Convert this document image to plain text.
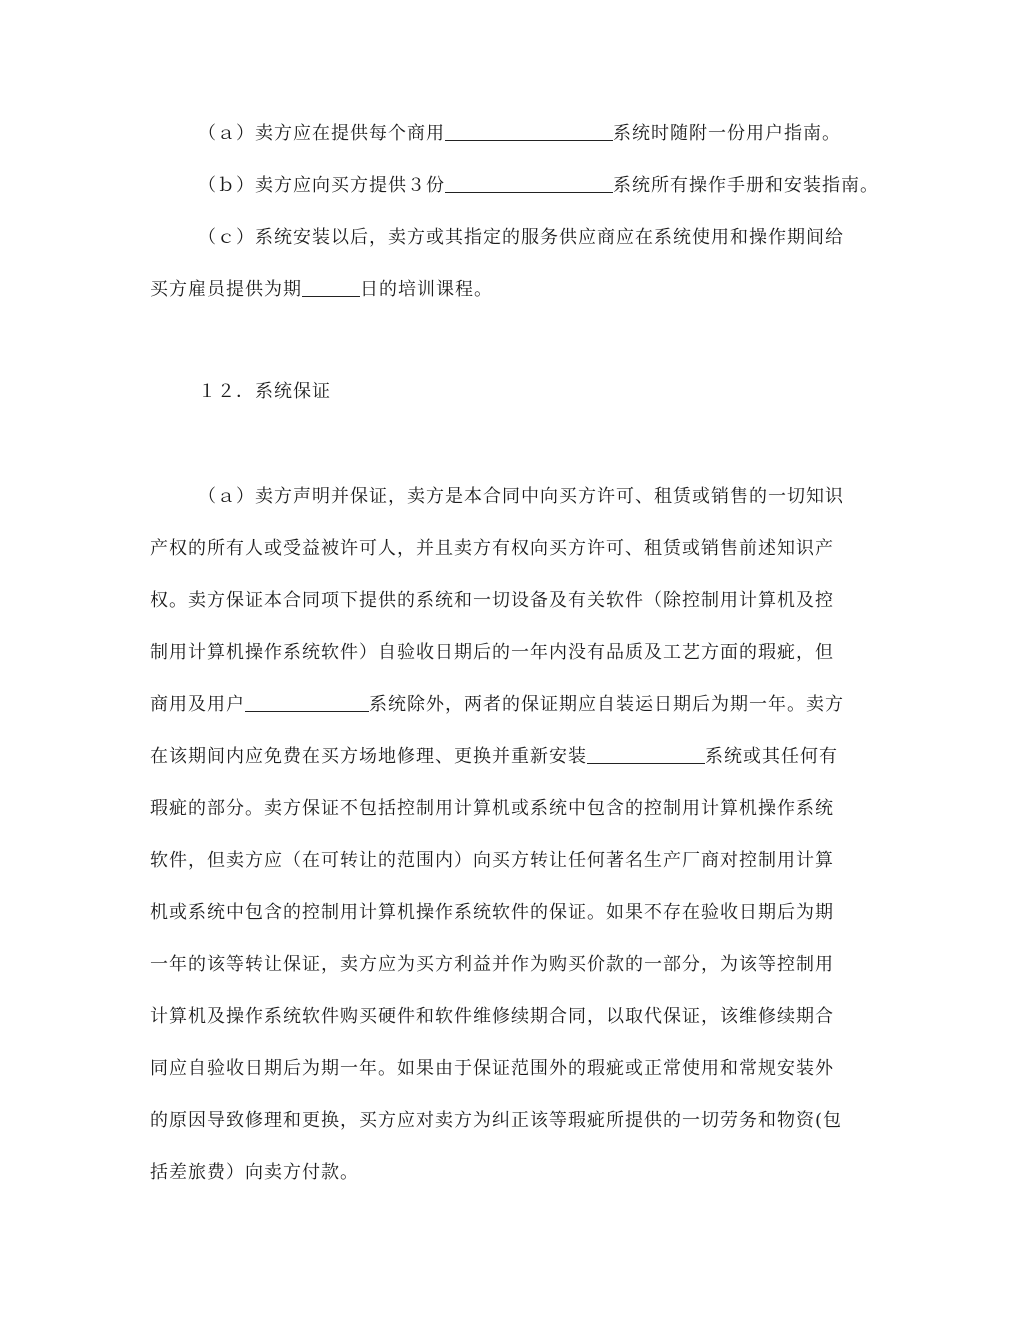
（ａ）卖方应在提供每个商用	系统时随附一份用户指南。
（ｂ）卖方应向买方提供３份	系统所有操作手册和安装指南。
（ｃ）系统安装以后，卖方或其指定的服务供应商应在系统使用和操作期间给
买方雇员提供为期	日的培训课程。
１２．系统保证
（ａ）卖方声明并保证，卖方是本合同中向买方许可、租赁或销售的一切知识
产权的所有人或受益被许可人，并且卖方有权向买方许可、租赁或销售前述知识产
权。卖方保证本合同项下提供的系统和一切设备及有关软件（除控制用计算机及控
制用计算机操作系统软件）自验收日期后的一年内没有品质及工艺方面的瑕疵，但
商用及用户	系统除外，两者的保证期应自装运日期后为期一年。卖方
在该期间内应免费在买方场地修理、更换并重新安装	系统或其任何有
瑕疵的部分。卖方保证不包括控制用计算机或系统中包含的控制用计算机操作系统
软件，但卖方应（在可转让的范围内）向买方转让任何著名生产厂商对控制用计算
机或系统中包含的控制用计算机操作系统软件的保证。如果不存在验收日期后为期
一年的该等转让保证，卖方应为买方利益并作为购买价款的一部分，为该等控制用
计算机及操作系统软件购买硬件和软件维修续期合同，以取代保证，该维修续期合
同应自验收日期后为期一年。如果由于保证范围外的瑕疵或正常使用和常规安装外
的原因导致修理和更换，买方应对卖方为纠正该等瑕疵所提供的一切劳务和物资(包
括差旅费）向卖方付款。
